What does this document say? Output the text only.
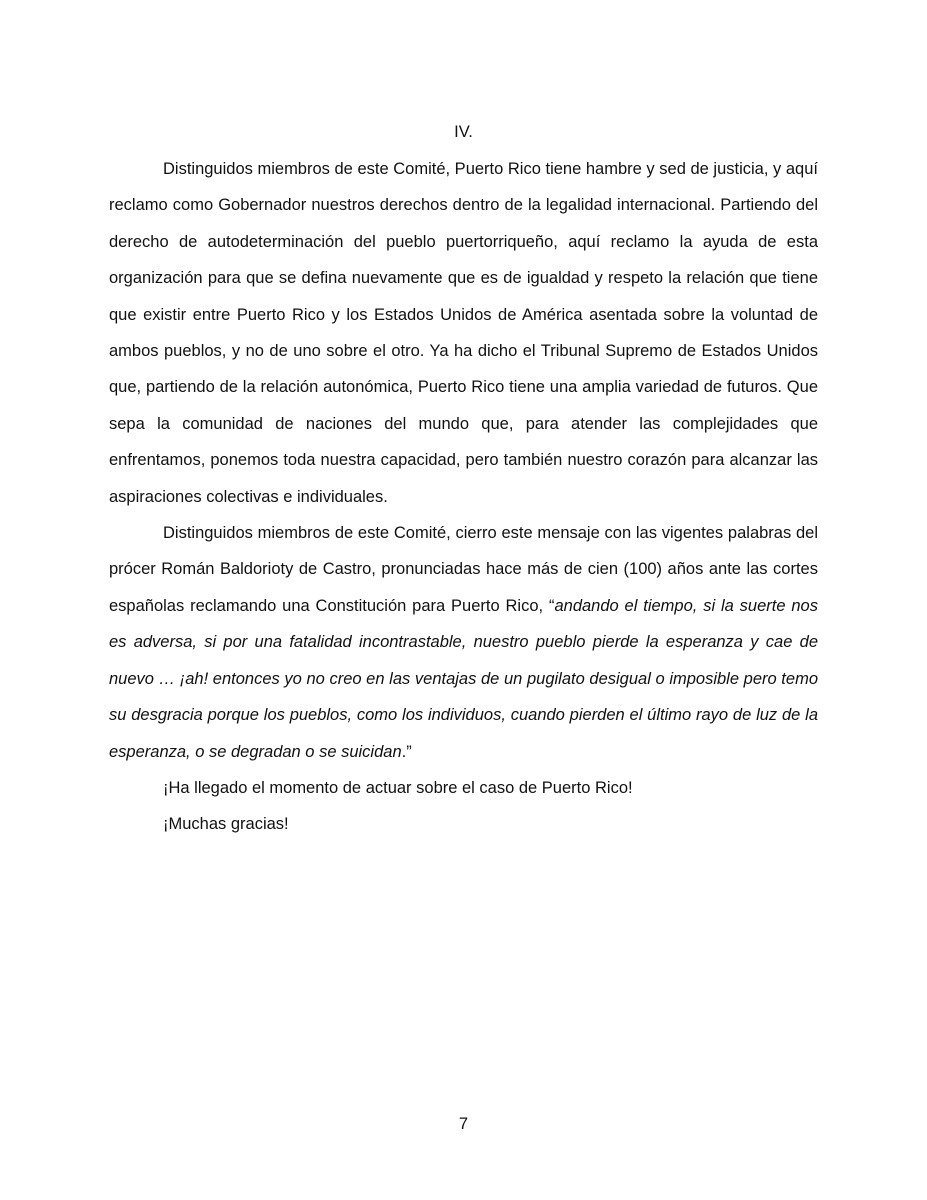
IV.

Distinguidos miembros de este Comité, Puerto Rico tiene hambre y sed de justicia, y aquí reclamo como Gobernador nuestros derechos dentro de la legalidad internacional. Partiendo del derecho de autodeterminación del pueblo puertorriqueño, aquí reclamo la ayuda de esta organización para que se defina nuevamente que es de igualdad y respeto la relación que tiene que existir entre Puerto Rico y los Estados Unidos de América asentada sobre la voluntad de ambos pueblos, y no de uno sobre el otro. Ya ha dicho el Tribunal Supremo de Estados Unidos que, partiendo de la relación autonómica, Puerto Rico tiene una amplia variedad de futuros. Que sepa la comunidad de naciones del mundo que, para atender las complejidades que enfrentamos, ponemos toda nuestra capacidad, pero también nuestro corazón para alcanzar las aspiraciones colectivas e individuales.

Distinguidos miembros de este Comité, cierro este mensaje con las vigentes palabras del prócer Román Baldorioty de Castro, pronunciadas hace más de cien (100) años ante las cortes españolas reclamando una Constitución para Puerto Rico, “andando el tiempo, si la suerte nos es adversa, si por una fatalidad incontrastable, nuestro pueblo pierde la esperanza y cae de nuevo … ¡ah! entonces yo no creo en las ventajas de un pugilato desigual o imposible pero temo su desgracia porque los pueblos, como los individuos, cuando pierden el último rayo de luz de la esperanza, o se degradan o se suicidan.”

¡Ha llegado el momento de actuar sobre el caso de Puerto Rico!

¡Muchas gracias!

7
